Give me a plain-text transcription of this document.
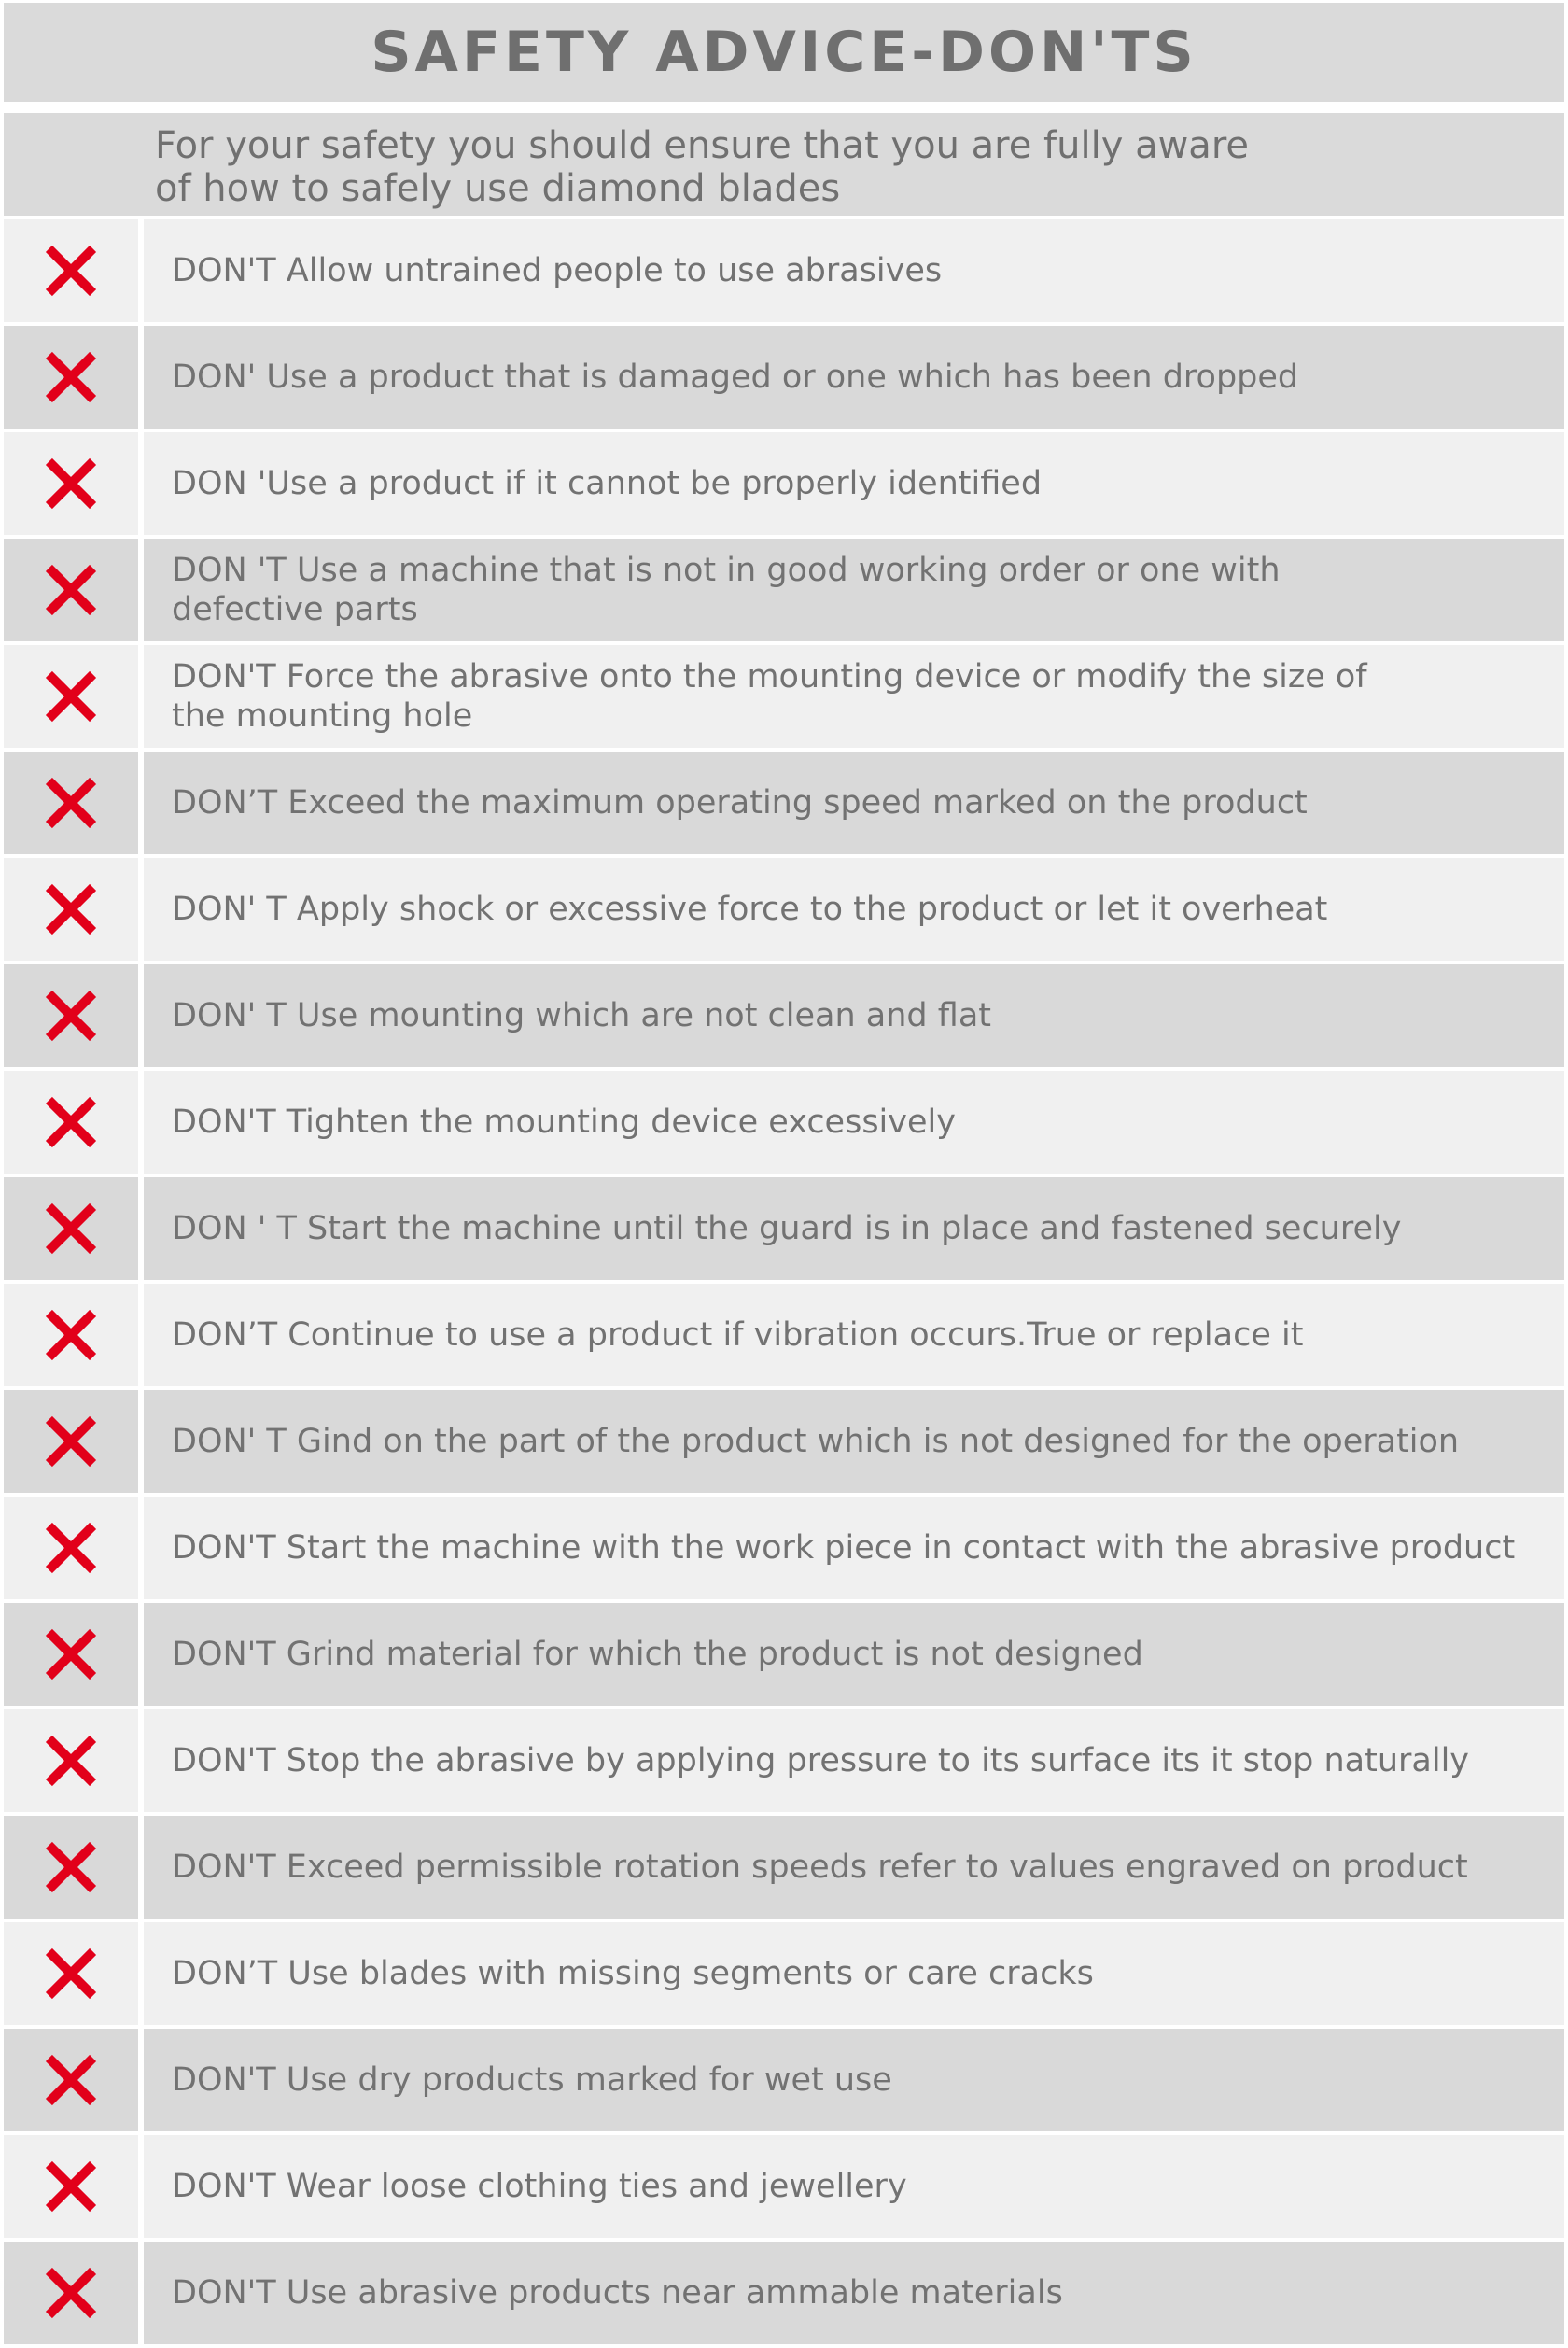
SAFETY ADVICE-DON'TS
For your safety you should ensure that you are fully aware
of how to safely use diamond blades
DON'T Allow untrained people to use abrasives
DON' Use a product that is damaged or one which has been dropped
DON 'Use a product if it cannot be properly identified
DON 'T Use a machine that is not in good working order or one with defective parts
DON'T Force the abrasive onto the mounting device or modify the size of the mounting hole
DON’T Exceed the maximum operating speed marked on the product
DON' T Apply shock or excessive force to the product or let it overheat
DON' T Use mounting which are not clean and flat
DON'T Tighten the mounting device excessively
DON ' T Start the machine until the guard is in place and fastened securely
DON’T Continue to use a product if vibration occurs.True or replace it
DON' T Gind on the part of the product which is not designed for the operation
DON'T Start the machine with the work piece in contact with the abrasive product
DON'T Grind material for which the product is not designed
DON'T Stop the abrasive by applying pressure to its surface its it stop naturally
DON'T Exceed permissible rotation speeds refer to values engraved on product
DON’T Use blades with missing segments or care cracks
DON'T Use dry products marked for wet use
DON'T Wear loose clothing ties and jewellery
DON'T Use abrasive products near ammable materials
